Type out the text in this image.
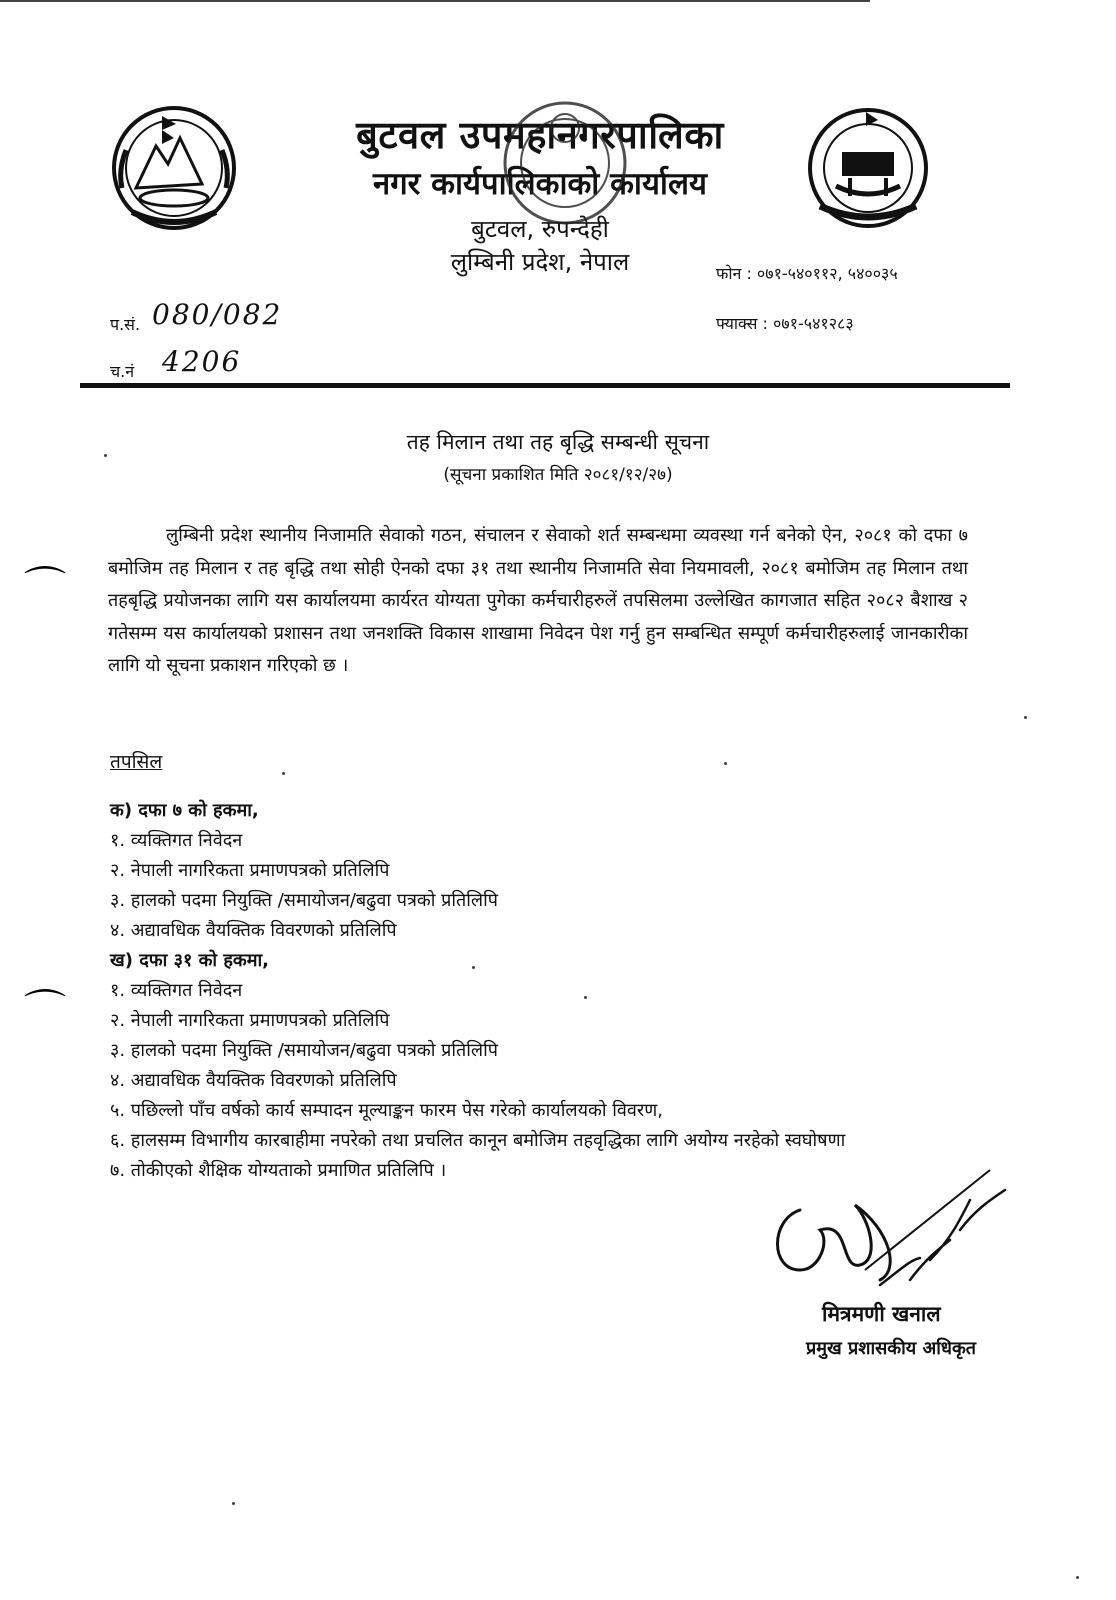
बुटवल उपमहानगरपालिका
नगर कार्यपालिकाको कार्यालय
बुटवल, रुपन्देही
लुम्बिनी प्रदेश, नेपाल	फोन : ०७१-५४०११२, ५४००३५
फ्याक्स : ०७१-५४१२८३
प.सं. 080/082
च.नं 4206
तह मिलान तथा तह बृद्धि सम्बन्धी सूचना
(सूचना प्रकाशित मिति २०८१/१२/२७)
लुम्बिनी प्रदेश स्थानीय निजामति सेवाको गठन, संचालन र सेवाको शर्त सम्बन्धमा व्यवस्था गर्न बनेको ऐन, २०८१ को दफा ७ बमोजिम तह मिलान र तह बृद्धि तथा सोही ऐनको दफा ३१ तथा स्थानीय निजामति सेवा नियमावली, २०८१ बमोजिम तह मिलान तथा तहबृद्धि प्रयोजनका लागि यस कार्यालयमा कार्यरत योग्यता पुगेका कर्मचारीहरुलें तपसिलमा उल्लेखित कागजात सहित २०८२ बैशाख २ गतेसम्म यस कार्यालयको प्रशासन तथा जनशक्ति विकास शाखामा निवेदन पेश गर्नु हुन सम्बन्धित सम्पूर्ण कर्मचारीहरुलाई जानकारीका लागि यो सूचना प्रकाशन गरिएको छ ।
तपसिल
क) दफा ७ को हकमा,
१. व्यक्तिगत निवेदन
२. नेपाली नागरिकता प्रमाणपत्रको प्रतिलिपि
३. हालको पदमा नियुक्ति /समायोजन/बढुवा पत्रको प्रतिलिपि
४. अद्यावधिक वैयक्तिक विवरणको प्रतिलिपि
ख) दफा ३१ को हकमा,
१. व्यक्तिगत निवेदन
२. नेपाली नागरिकता प्रमाणपत्रको प्रतिलिपि
३. हालको पदमा नियुक्ति /समायोजन/बढुवा पत्रको प्रतिलिपि
४. अद्यावधिक वैयक्तिक विवरणको प्रतिलिपि
५. पछिल्लो पाँच वर्षको कार्य सम्पादन मूल्याङ्कन फारम पेस गरेको कार्यालयको विवरण,
६. हालसम्म विभागीय कारबाहीमा नपरेको तथा प्रचलित कानून बमोजिम तहवृद्धिका लागि अयोग्य नरहेको स्वघोषणा
७. तोकीएको शैक्षिक योग्यताको प्रमाणित प्रतिलिपि ।
मित्रमणी खनाल
प्रमुख प्रशासकीय अधिकृत
⌒
⌒
